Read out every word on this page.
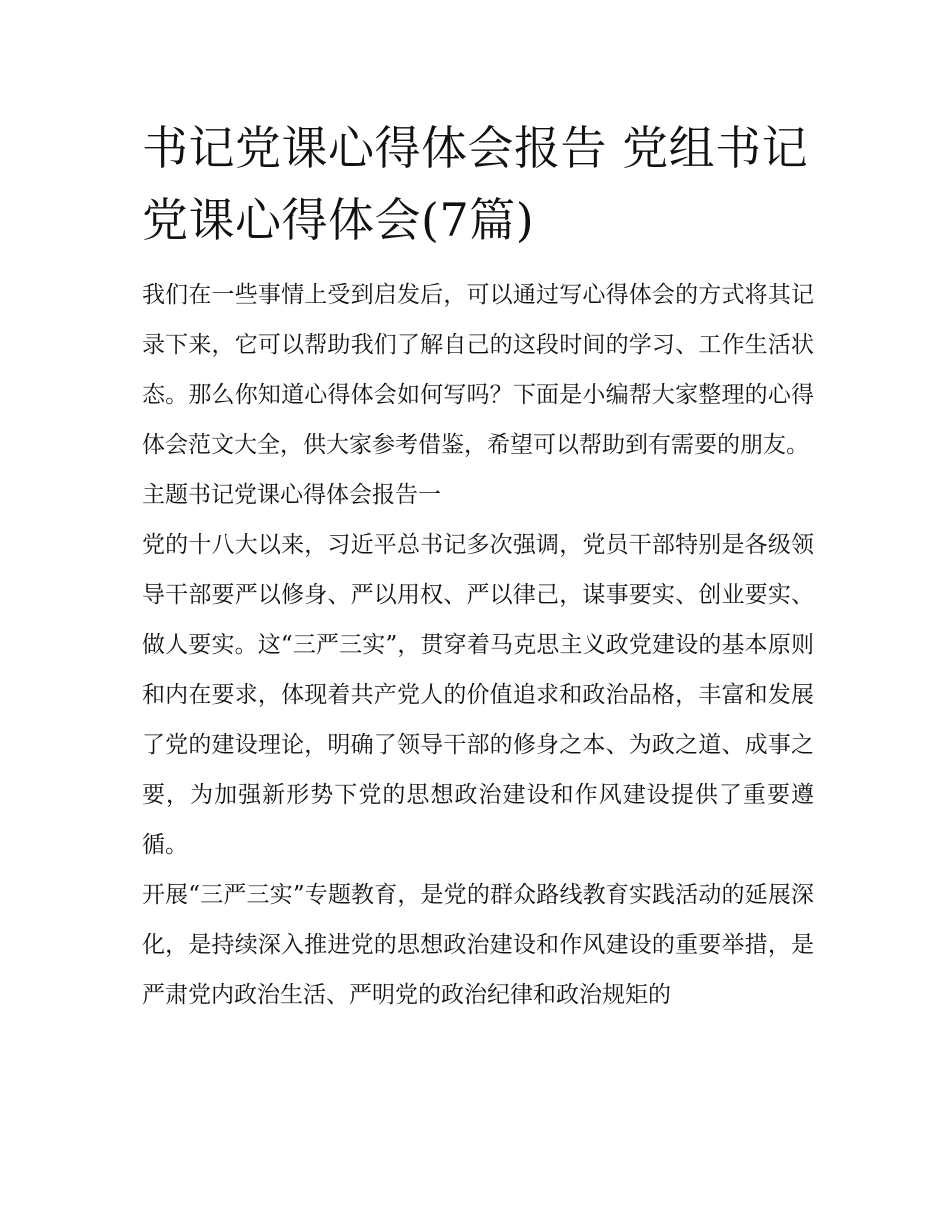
书记党课心得体会报告 党组书记党课心得体会(7篇)

我们在一些事情上受到启发后，可以通过写心得体会的方式将其记录下来，它可以帮助我们了解自己的这段时间的学习、工作生活状态。那么你知道心得体会如何写吗？下面是小编帮大家整理的心得体会范文大全，供大家参考借鉴，希望可以帮助到有需要的朋友。

主题书记党课心得体会报告一

党的十八大以来，习近平总书记多次强调，党员干部特别是各级领导干部要严以修身、严以用权、严以律己，谋事要实、创业要实、做人要实。这“三严三实”，贯穿着马克思主义政党建设的基本原则和内在要求，体现着共产党人的价值追求和政治品格，丰富和发展了党的建设理论，明确了领导干部的修身之本、为政之道、成事之要，为加强新形势下党的思想政治建设和作风建设提供了重要遵循。

开展“三严三实”专题教育，是党的群众路线教育实践活动的延展深化，是持续深入推进党的思想政治建设和作风建设的重要举措，是严肃党内政治生活、严明党的政治纪律和政治规矩的
